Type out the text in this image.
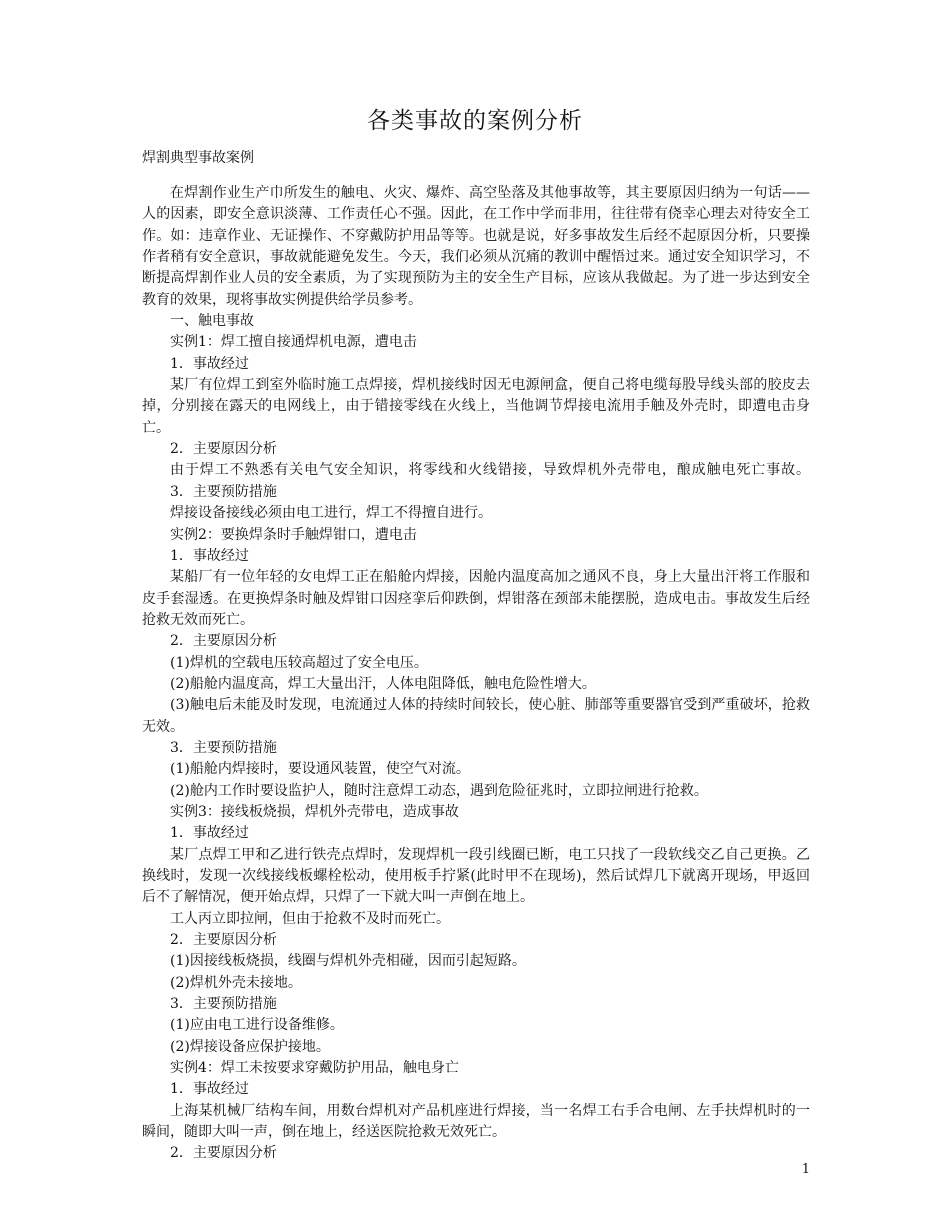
各类事故的案例分析
焊割典型事故案例

在焊割作业生产巾所发生的触电、火灾、爆炸、高空坠落及其他事故等，其主要原因归纳为一句话——人的因素，即安全意识淡薄、工作责任心不强。因此，在工作中学而非用，往往带有侥幸心理去对待安全工作。如：违章作业、无证操作、不穿戴防护用品等等。也就是说，好多事故发生后经不起原因分析，只要操作者稍有安全意识，事故就能避免发生。今天，我们必须从沉痛的教训中醒悟过来。通过安全知识学习，不断提高焊割作业人员的安全素质，为了实现预防为主的安全生产目标，应该从我做起。为了进一步达到安全教育的效果，现将事故实例提供给学员参考。

一、触电事故

实例1：焊工擅自接通焊机电源，遭电击

1．事故经过

某厂有位焊工到室外临时施工点焊接，焊机接线时因无电源闸盒，便自己将电缆每股导线头部的胶皮去掉，分别接在露天的电网线上，由于错接零线在火线上，当他调节焊接电流用手触及外壳时，即遭电击身亡。

2．主要原因分析

由于焊工不熟悉有关电气安全知识，将零线和火线错接，导致焊机外壳带电，酿成触电死亡事故。 　　3．主要预防措施

焊接设备接线必须由电工进行，焊工不得擅自进行。

实例2：要换焊条时手触焊钳口，遭电击

1．事故经过

某船厂有一位年轻的女电焊工正在船舱内焊接，因舱内温度高加之通风不良，身上大量出汗将工作服和皮手套湿透。在更换焊条时触及焊钳口因痉挛后仰跌倒，焊钳落在颈部未能摆脱，造成电击。事故发生后经抢救无效而死亡。

2．主要原因分析

(1)焊机的空载电压较高超过了安全电压。

(2)船舱内温度高，焊工大量出汗，人体电阻降低，触电危险性增大。

(3)触电后未能及时发现，电流通过人体的持续时间较长，使心脏、肺部等重要器官受到严重破坏，抢救无效。

3．主要预防措施

(1)船舱内焊接时，要设通风装置，使空气对流。

(2)舱内工作时要设监护人，随时注意焊工动态，遇到危险征兆时，立即拉闸进行抢救。

实例3：接线板烧损，焊机外壳带电，造成事故

1．事故经过

某厂点焊工甲和乙进行铁壳点焊时，发现焊机一段引线圈已断，电工只找了一段软线交乙自己更换。乙换线时，发现一次线接线板螺栓松动，使用板手拧紧(此时甲不在现场)，然后试焊几下就离开现场，甲返回后不了解情况，便开始点焊，只焊了一下就大叫一声倒在地上。

工人丙立即拉闸，但由于抢救不及时而死亡。

2．主要原因分析

(1)因接线板烧损，线圈与焊机外壳相碰，因而引起短路。

(2)焊机外壳未接地。

3．主要预防措施

(1)应由电工进行设备维修。

(2)焊接设备应保护接地。

实例4：焊工未按要求穿戴防护用品，触电身亡

1．事故经过

上海某机械厂结构车间，用数台焊机对产品机座进行焊接，当一名焊工右手合电闸、左手扶焊机时的一瞬间，随即大叫一声，倒在地上，经送医院抢救无效死亡。

2．主要原因分析

1
